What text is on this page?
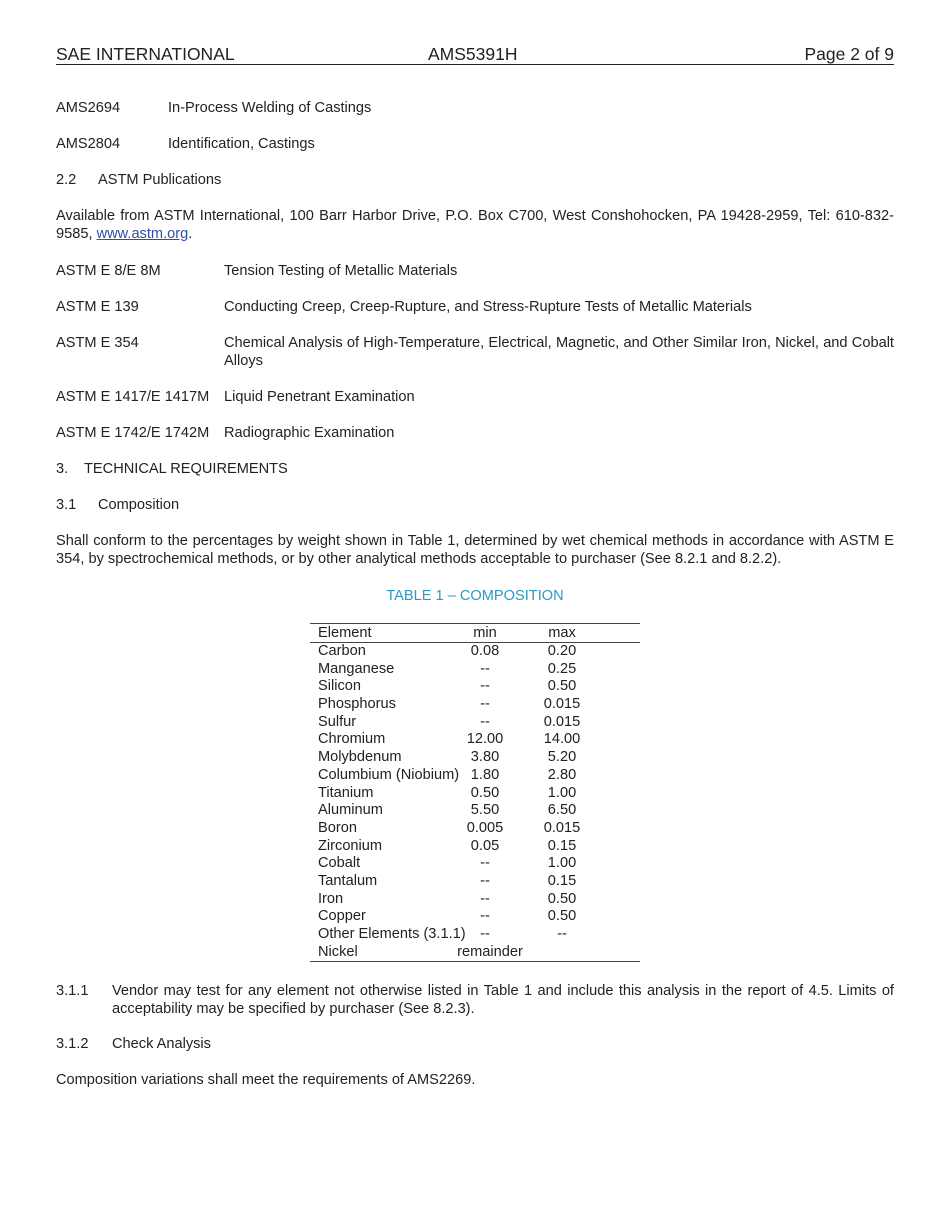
SAE INTERNATIONAL	AMS5391H	Page 2 of 9
AMS2694	In-Process Welding of Castings
AMS2804	Identification, Castings
2.2 ASTM Publications
Available from ASTM International, 100 Barr Harbor Drive, P.O. Box C700, West Conshohocken, PA 19428-2959, Tel: 610-832-9585, www.astm.org.
ASTM E 8/E 8M	Tension Testing of Metallic Materials
ASTM E 139	Conducting Creep, Creep-Rupture, and Stress-Rupture Tests of Metallic Materials
ASTM E 354	Chemical Analysis of High-Temperature, Electrical, Magnetic, and Other Similar Iron, Nickel, and Cobalt Alloys
ASTM E 1417/E 1417M Liquid Penetrant Examination
ASTM E 1742/E 1742M Radiographic Examination
3. TECHNICAL REQUIREMENTS
3.1 Composition
Shall conform to the percentages by weight shown in Table 1, determined by wet chemical methods in accordance with ASTM E 354, by spectrochemical methods, or by other analytical methods acceptable to purchaser (See 8.2.1 and 8.2.2).
TABLE 1 – COMPOSITION
Element	min	max
Carbon	0.08	0.20
Manganese	--	0.25
Silicon	--	0.50
Phosphorus	--	0.015
Sulfur	--	0.015
Chromium	12.00	14.00
Molybdenum	3.80	5.20
Columbium (Niobium) 1.80	2.80
Titanium	0.50	1.00
Aluminum	5.50	6.50
Boron	0.005	0.015
Zirconium	0.05	0.15
Cobalt	--	1.00
Tantalum	--	0.15
Iron	--	0.50
Copper	--	0.50
Other Elements (3.1.1) --	--
Nickel	remainder
3.1.1 Vendor may test for any element not otherwise listed in Table 1 and include this analysis in the report of 4.5. Limits of acceptability may be specified by purchaser (See 8.2.3).
3.1.2 Check Analysis
Composition variations shall meet the requirements of AMS2269.
